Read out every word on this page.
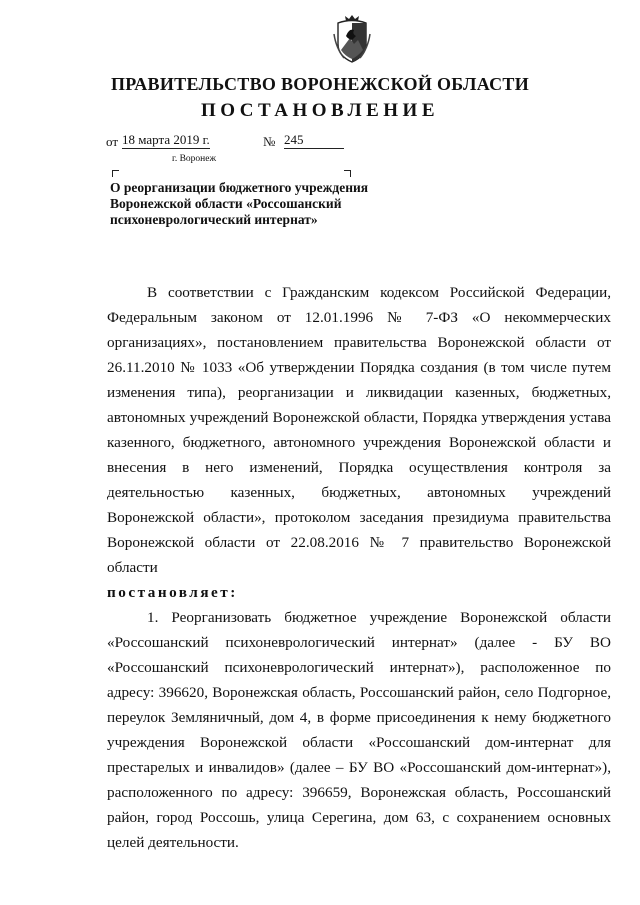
ПРАВИТЕЛЬСТВО ВОРОНЕЖСКОЙ ОБЛАСТИ
ПОСТАНОВЛЕНИЕ
от 18 марта 2019 г.	№ 245
г. Воронеж
О реорганизации бюджетного учреждения Воронежской области «Россошанский психоневрологический интернат»

В соответствии с Гражданским кодексом Российской Федерации, Федеральным законом от 12.01.1996 № 7-ФЗ «О некоммерческих организациях», постановлением правительства Воронежской области от 26.11.2010 № 1033 «Об утверждении Порядка создания (в том числе путем изменения типа), реорганизации и ликвидации казенных, бюджетных, автономных учреждений Воронежской области, Порядка утверждения устава казенного, бюджетного, автономного учреждения Воронежской области и внесения в него изменений, Порядка осуществления контроля за деятельностью казенных, бюджетных, автономных учреждений Воронежской области», протоколом заседания президиума правительства Воронежской области от 22.08.2016 № 7 правительство Воронежской области

постановляет:

1. Реорганизовать бюджетное учреждение Воронежской области «Россошанский психоневрологический интернат» (далее - БУ ВО «Россошанский психоневрологический интернат»), расположенное по адресу: 396620, Воронежская область, Россошанский район, село Подгорное, переулок Земляничный, дом 4, в форме присоединения к нему бюджетного учреждения Воронежской области «Россошанский дом-интернат для престарелых и инвалидов» (далее – БУ ВО «Россошанский дом-интернат»), расположенного по адресу: 396659, Воронежская область, Россошанский район, город Россошь, улица Серегина, дом 63, с сохранением основных целей деятельности.
